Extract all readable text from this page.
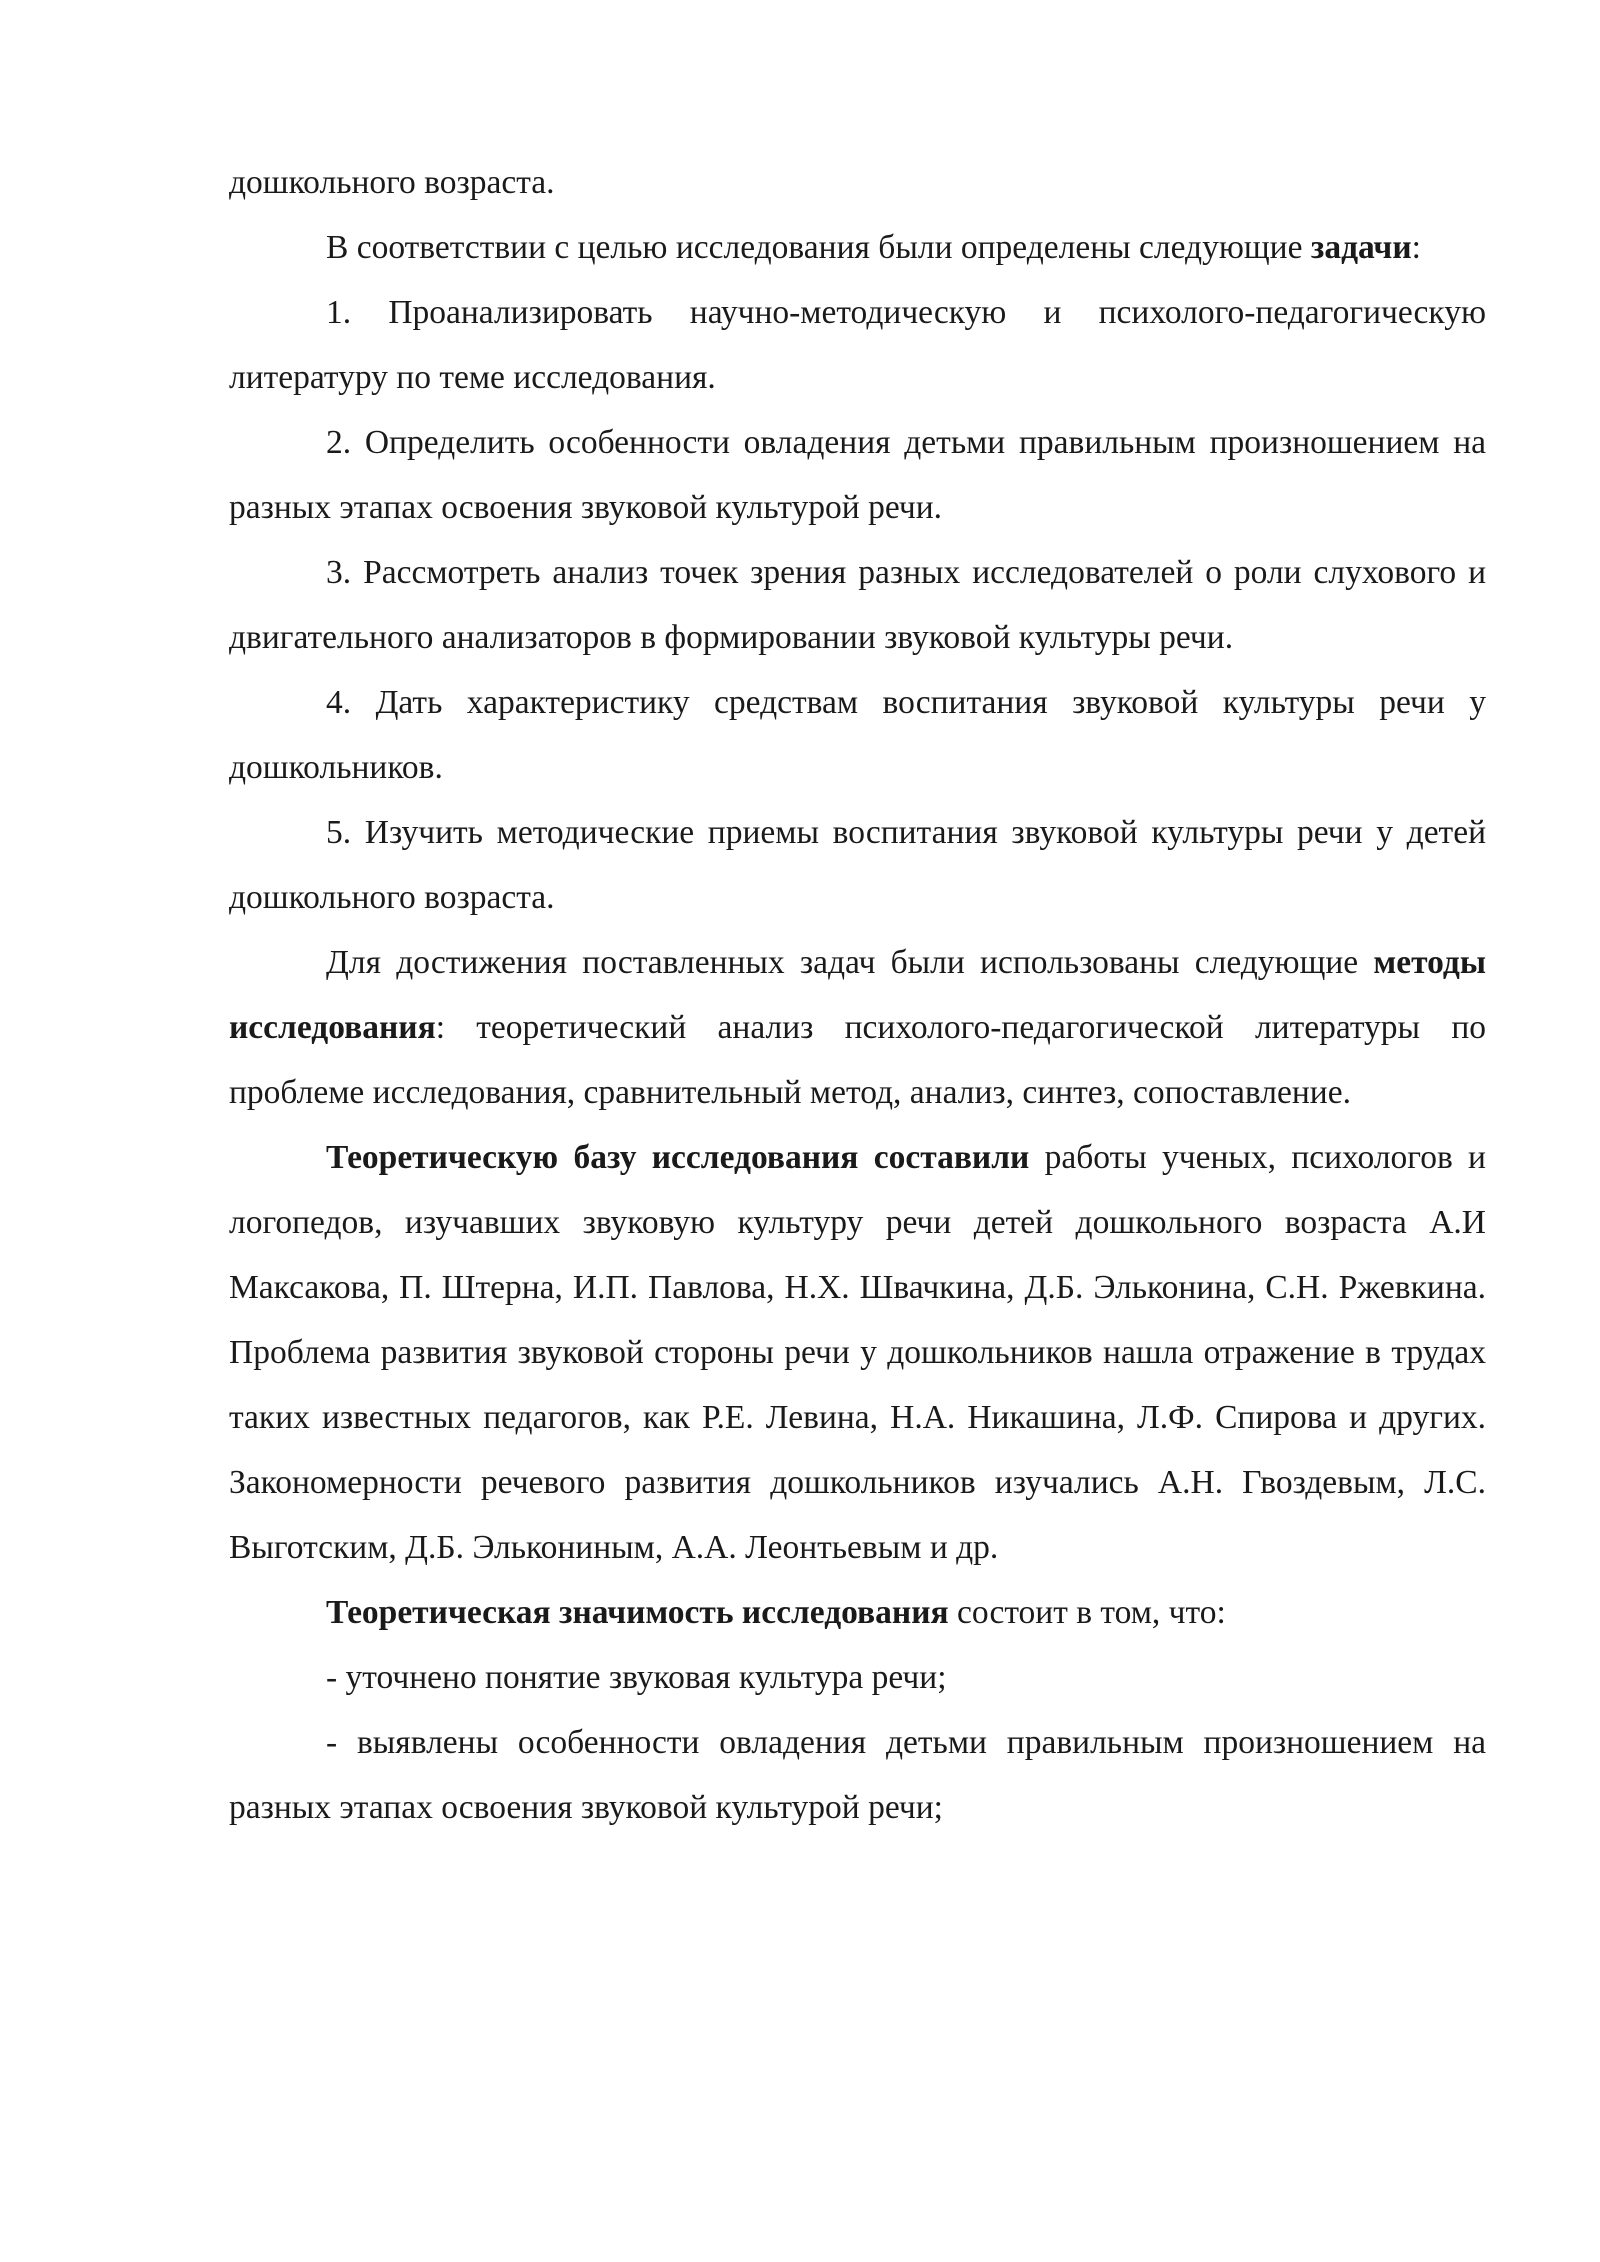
дошкольного возраста.

В соответствии с целью исследования были определены следующие задачи:

1. Проанализировать научно-методическую и психолого-педагогическую литературу по теме исследования.

2. Определить особенности овладения детьми правильным произношением на разных этапах освоения звуковой культурой речи.

3. Рассмотреть анализ точек зрения разных исследователей о роли слухового и двигательного анализаторов в формировании звуковой культуры речи.

4. Дать характеристику средствам воспитания звуковой культуры речи у дошкольников.

5. Изучить методические приемы воспитания звуковой культуры речи у детей дошкольного возраста.

Для достижения поставленных задач были использованы следующие методы исследования: теоретический анализ психолого-педагогической литературы по проблеме исследования, сравнительный метод, анализ, синтез, сопоставление.

Теоретическую базу исследования составили работы ученых, психологов и логопедов, изучавших звуковую культуру речи детей дошкольного возраста А.И Максакова, П. Штерна, И.П. Павлова, Н.Х. Швачкина, Д.Б. Эльконина, С.Н. Ржевкина. Проблема развития звуковой стороны речи у дошкольников нашла отражение в трудах таких известных педагогов, как Р.Е. Левина, Н.А. Никашина, Л.Ф. Спирова и других. Закономерности речевого развития дошкольников изучались А.Н. Гвоздевым, Л.С. Выготским, Д.Б. Элькониным, А.А. Леонтьевым и др.

Теоретическая значимость исследования состоит в том, что:

- уточнено понятие звуковая культура речи;

- выявлены особенности овладения детьми правильным произношением на разных этапах освоения звуковой культурой речи;
